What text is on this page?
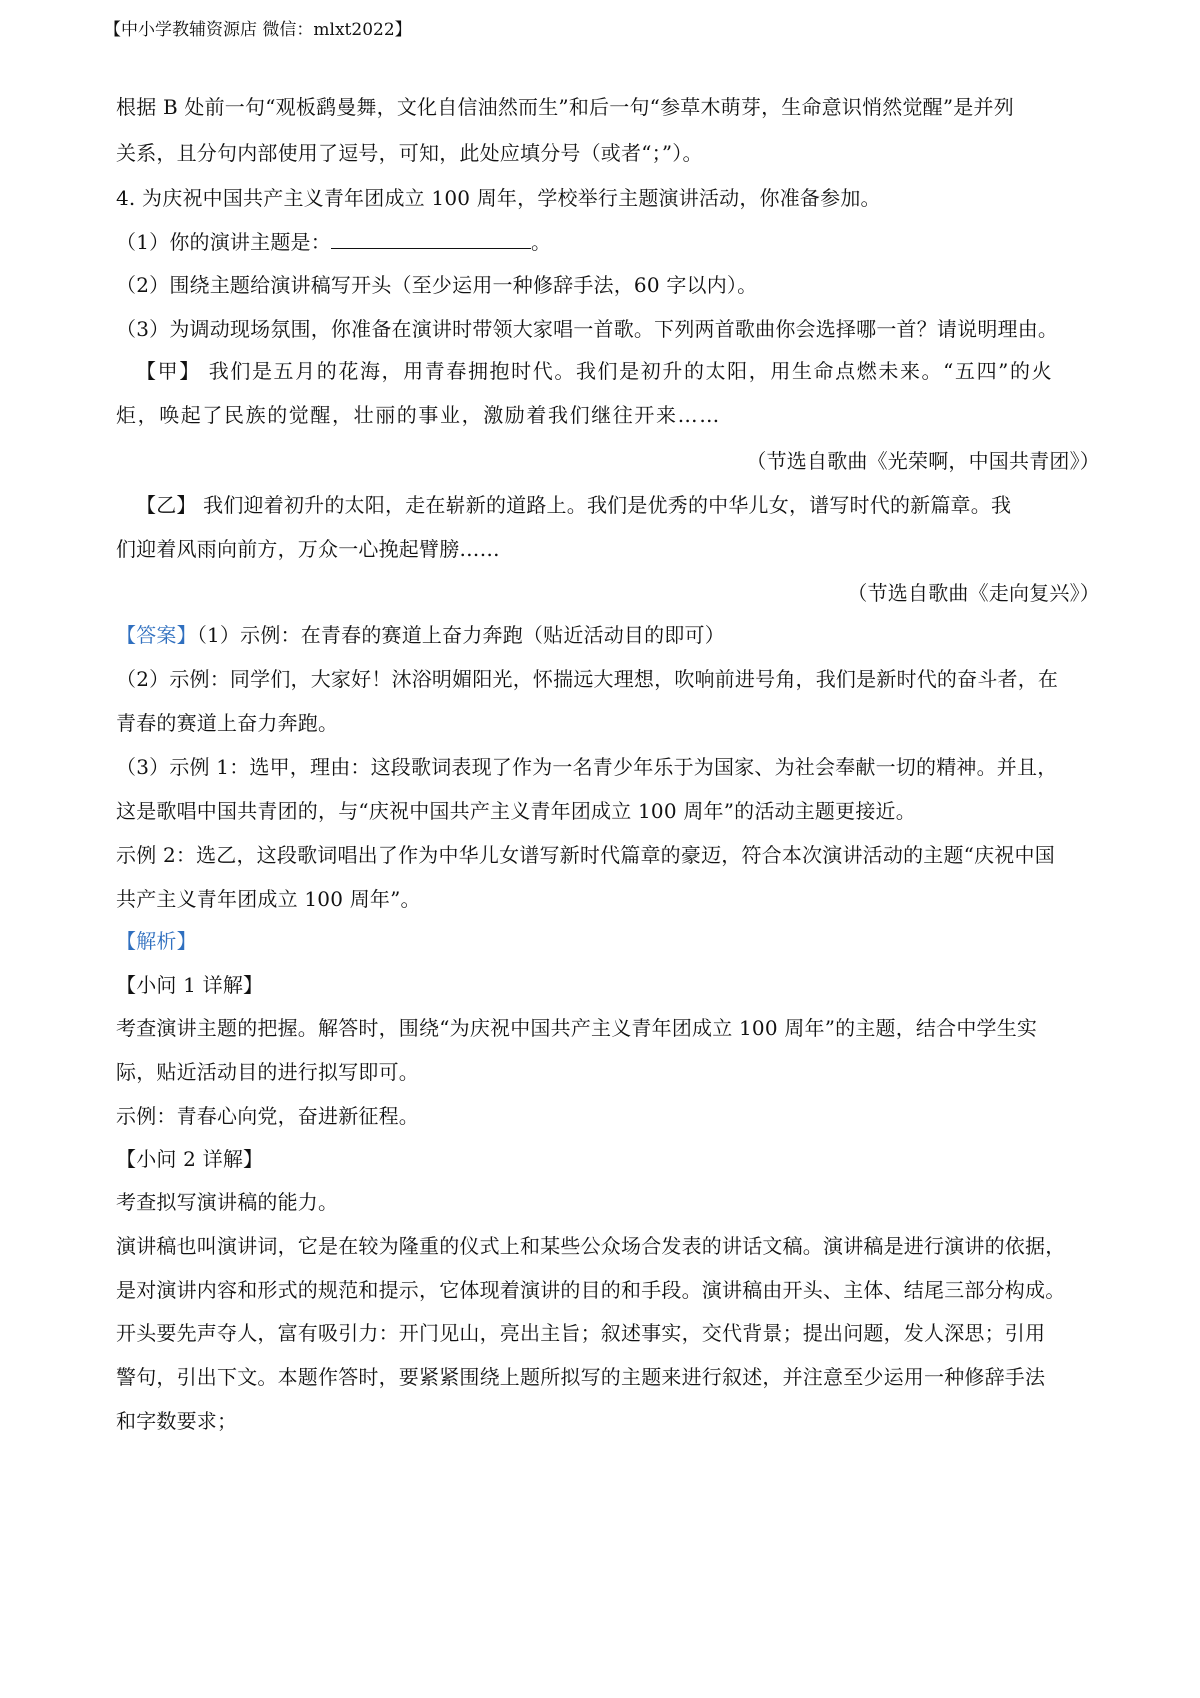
【中小学教辅资源店 微信：mlxt2022】
根据 B 处前一句“观板鹞曼舞，文化自信油然而生”和后一句“参草木萌芽，生命意识悄然觉醒”是并列
关系，且分句内部使用了逗号，可知，此处应填分号（或者“；”）。
4. 为庆祝中国共产主义青年团成立 100 周年，学校举行主题演讲活动，你准备参加。
（1）你的演讲主题是：	。
（2）围绕主题给演讲稿写开头（至少运用一种修辞手法，60 字以内）。
（3）为调动现场氛围，你准备在演讲时带领大家唱一首歌。下列两首歌曲你会选择哪一首？请说明理由。
【甲】 我们是五月的花海，用青春拥抱时代。我们是初升的太阳，用生命点燃未来。“五四”的火
炬，唤起了民族的觉醒，壮丽的事业，激励着我们继往开来……
（节选自歌曲《光荣啊，中国共青团》）
【乙】 我们迎着初升的太阳，走在崭新的道路上。我们是优秀的中华儿女，谱写时代的新篇章。我
们迎着风雨向前方，万众一心挽起臂膀……
（节选自歌曲《走向复兴》）
【答案】（1）示例：在青春的赛道上奋力奔跑（贴近活动目的即可）
（2）示例：同学们，大家好！沐浴明媚阳光，怀揣远大理想，吹响前进号角，我们是新时代的奋斗者，在
青春的赛道上奋力奔跑。
（3）示例 1：选甲，理由：这段歌词表现了作为一名青少年乐于为国家、为社会奉献一切的精神。并且，
这是歌唱中国共青团的，与“庆祝中国共产主义青年团成立 100 周年”的活动主题更接近。
示例 2：选乙，这段歌词唱出了作为中华儿女谱写新时代篇章的豪迈，符合本次演讲活动的主题“庆祝中国
共产主义青年团成立 100 周年”。
【解析】
【小问 1 详解】
考查演讲主题的把握。解答时，围绕“为庆祝中国共产主义青年团成立 100 周年”的主题，结合中学生实
际，贴近活动目的进行拟写即可。
示例：青春心向党，奋进新征程。
【小问 2 详解】
考查拟写演讲稿的能力。
演讲稿也叫演讲词，它是在较为隆重的仪式上和某些公众场合发表的讲话文稿。演讲稿是进行演讲的依据，
是对演讲内容和形式的规范和提示，它体现着演讲的目的和手段。演讲稿由开头、主体、结尾三部分构成。
开头要先声夺人，富有吸引力：开门见山，亮出主旨；叙述事实，交代背景；提出问题，发人深思；引用
警句，引出下文。本题作答时，要紧紧围绕上题所拟写的主题来进行叙述，并注意至少运用一种修辞手法
和字数要求；
